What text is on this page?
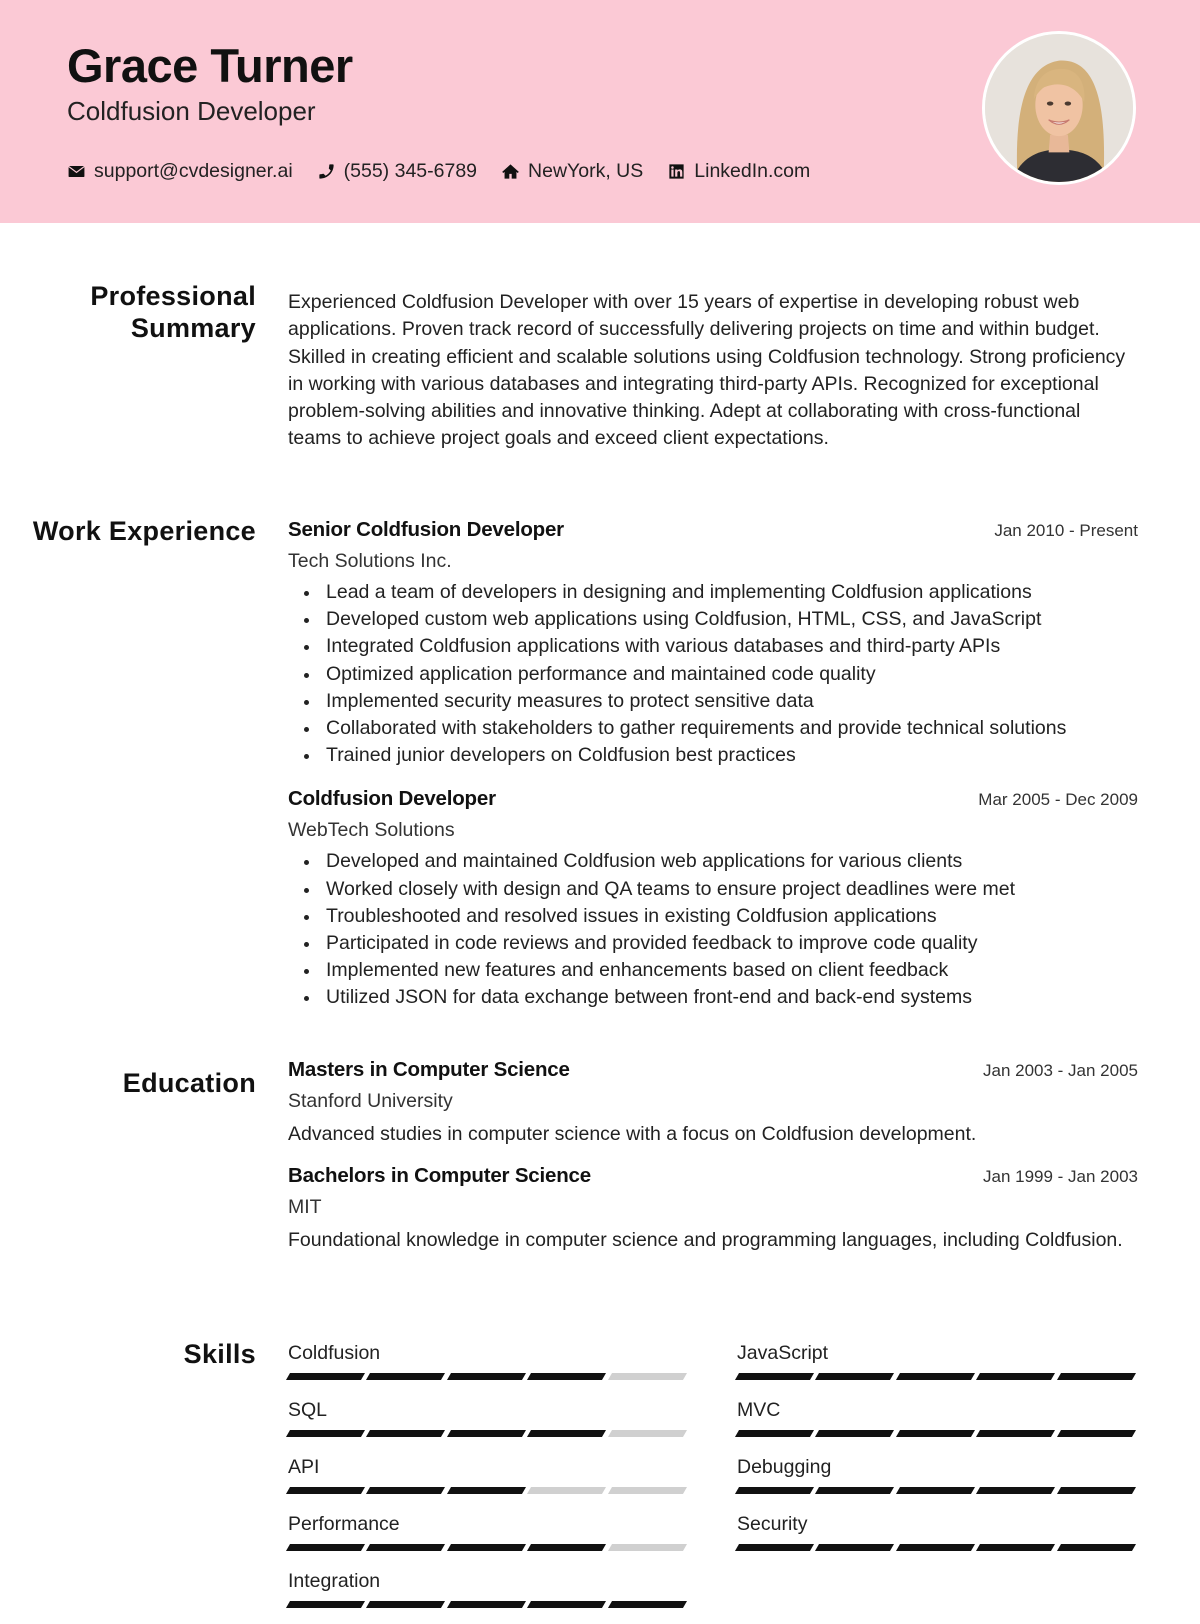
Grace Turner
Coldfusion Developer
support@cvdesigner.ai	(555) 345-6789	NewYork, US	LinkedIn.com
Professional Summary

Experienced Coldfusion Developer with over 15 years of expertise in developing robust web applications. Proven track record of successfully delivering projects on time and within budget. Skilled in creating efficient and scalable solutions using Coldfusion technology. Strong proficiency in working with various databases and integrating third-party APIs. Recognized for exceptional problem-solving abilities and innovative thinking. Adept at collaborating with cross-functional teams to achieve project goals and exceed client expectations.

Work Experience Senior Coldfusion Developer	Jan 2010 - Present
Tech Solutions Inc.
Lead a team of developers in designing and implementing Coldfusion applications
Developed custom web applications using Coldfusion, HTML, CSS, and JavaScript
Integrated Coldfusion applications with various databases and third-party APIs
Optimized application performance and maintained code quality
Implemented security measures to protect sensitive data
Collaborated with stakeholders to gather requirements and provide technical solutions
Trained junior developers on Coldfusion best practices
Coldfusion Developer	Mar 2005 - Dec 2009
WebTech Solutions
Developed and maintained Coldfusion web applications for various clients
Worked closely with design and QA teams to ensure project deadlines were met
Troubleshooted and resolved issues in existing Coldfusion applications
Participated in code reviews and provided feedback to improve code quality
Implemented new features and enhancements based on client feedback
Utilized JSON for data exchange between front-end and back-end systems
Education Masters in Computer Science	Jan 2003 - Jan 2005
Stanford University
Advanced studies in computer science with a focus on Coldfusion development.
Bachelors in Computer Science	Jan 1999 - Jan 2003
MIT
Foundational knowledge in computer science and programming languages, including Coldfusion.
Skills Coldfusion	JavaScript
SQL	MVC
API	Debugging
Performance	Security
Integration
